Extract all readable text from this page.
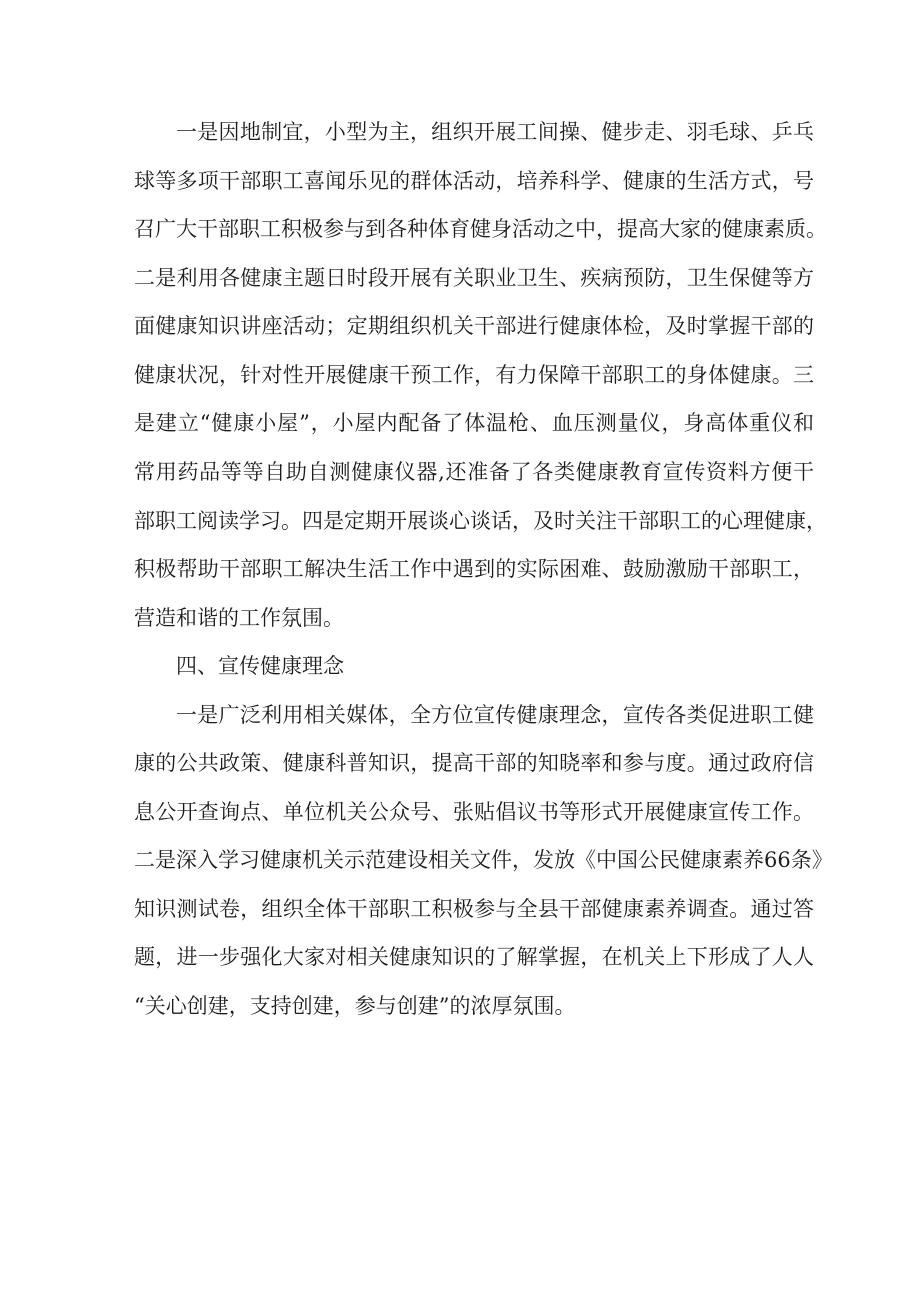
一是因地制宜，小型为主，组织开展工间操、健步走、羽毛球、乒乓

球等多项干部职工喜闻乐见的群体活动，培养科学、健康的生活方式，号

召广大干部职工积极参与到各种体育健身活动之中，提高大家的健康素质。

二是利用各健康主题日时段开展有关职业卫生、疾病预防，卫生保健等方

面健康知识讲座活动；定期组织机关干部进行健康体检，及时掌握干部的

健康状况，针对性开展健康干预工作，有力保障干部职工的身体健康。三

是建立“健康小屋”，小屋内配备了体温枪、血压测量仪，身高体重仪和

常用药品等等自助自测健康仪器,还准备了各类健康教育宣传资料方便干

部职工阅读学习。四是定期开展谈心谈话，及时关注干部职工的心理健康，

积极帮助干部职工解决生活工作中遇到的实际困难、鼓励激励干部职工，

营造和谐的工作氛围。

四、宣传健康理念

一是广泛利用相关媒体，全方位宣传健康理念，宣传各类促进职工健

康的公共政策、健康科普知识，提高干部的知晓率和参与度。通过政府信

息公开查询点、单位机关公众号、张贴倡议书等形式开展健康宣传工作。

二是深入学习健康机关示范建设相关文件，发放《中国公民健康素养66条》

知识测试卷，组织全体干部职工积极参与全县干部健康素养调查。通过答

题，进一步强化大家对相关健康知识的了解掌握，在机关上下形成了人人

“关心创建，支持创建，参与创建”的浓厚氛围。
